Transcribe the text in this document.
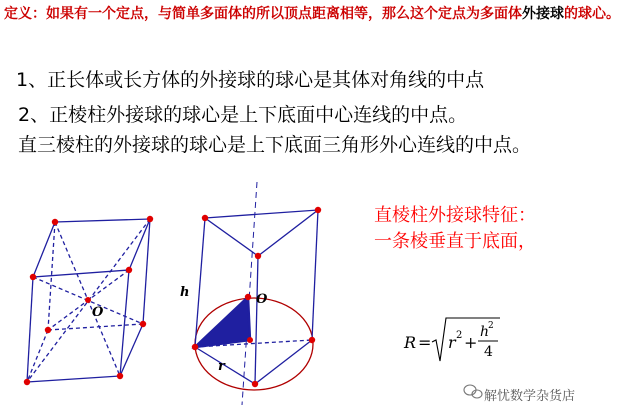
定义：如果有一个定点，与简单多面体的所以顶点距离相等，那么这个定点为多面体外接球的球心。
1、正长体或长方体的外接球的球心是其体对角线的中点
2、正棱柱外接球的球心是上下底面中心连线的中点。
直三棱柱的外接球的球心是上下底面三角形外心连线的中点。
O
O
h
r
R = r 2 +
h
2
4
直棱柱外接球特征：
一条棱垂直于底面，
解忧数学杂货店
